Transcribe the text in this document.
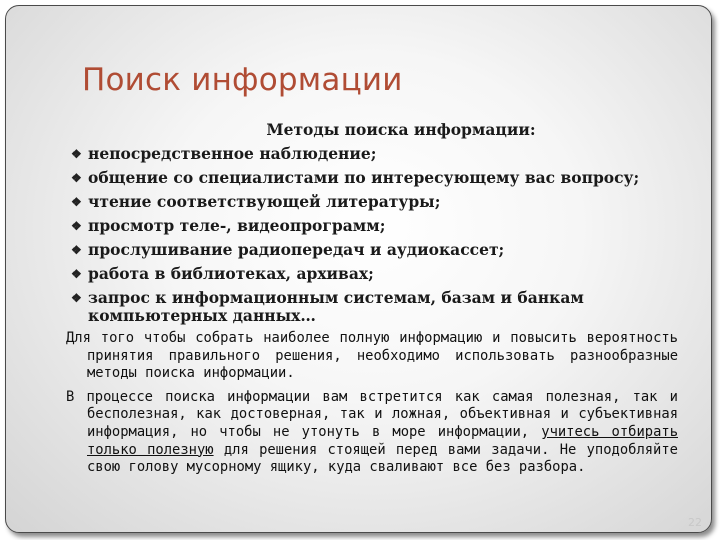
Поиск информации
Методы поиска информации:
❖ непосредственное наблюдение;
❖ общение со специалистами по интересующему вас вопросу;
❖ чтение соответствующей литературы;
❖ просмотр теле-, видеопрограмм;
❖ прослушивание радиопередач и аудиокассет;
❖ работа в библиотеках, архивах;
❖ запрос к информационным системам, базам и банкам
компьютерных данных…

Для того чтобы собрать наиболее полную информацию и повысить вероятность принятия правильного решения, необходимо использовать разнообразные методы поиска информации.

В процессе поиска информации вам встретится как самая полезная, так и бесполезная, как достоверная, так и ложная, объективная и субъективная информация, но чтобы не утонуть в море информации, учитесь отбирать только полезную для решения стоящей перед вами задачи. Не уподобляйте свою голову мусорному ящику, куда сваливают все без разбора.

22
